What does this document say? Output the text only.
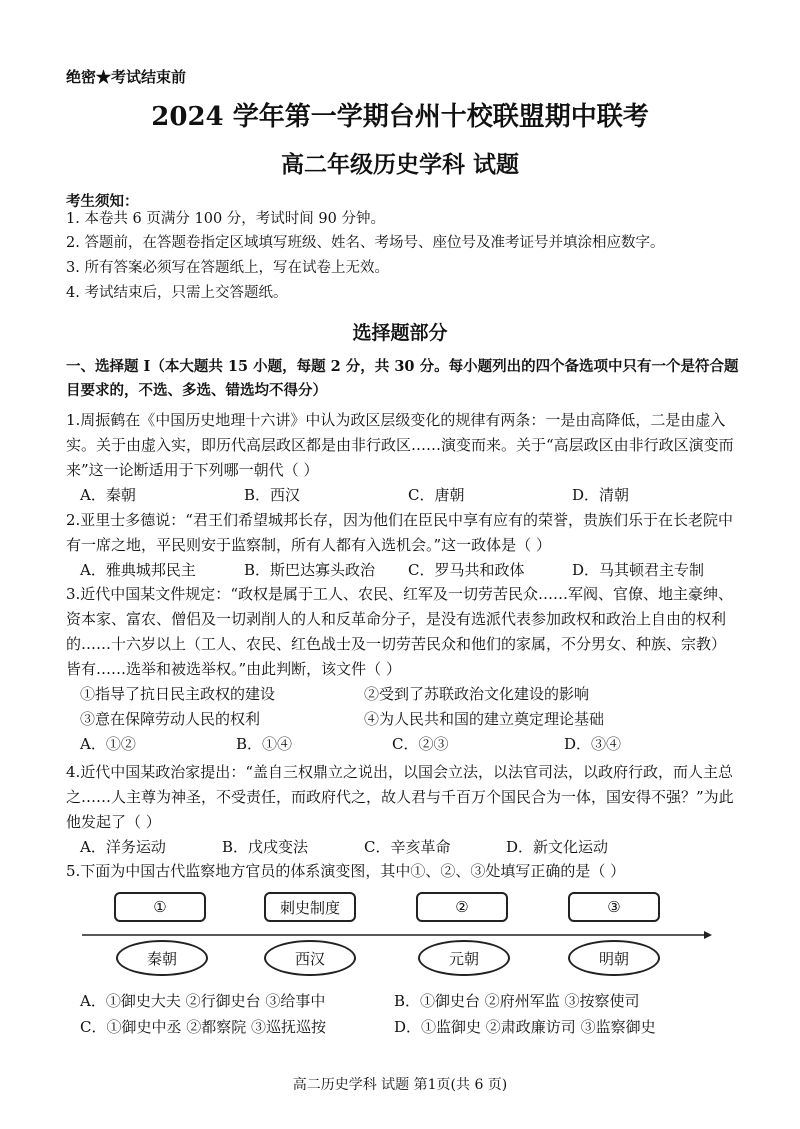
绝密★考试结束前
2024 学年第一学期台州十校联盟期中联考
高二年级历史学科 试题
考生须知：
1. 本卷共 6 页满分 100 分，考试时间 90 分钟。
2. 答题前，在答题卷指定区域填写班级、姓名、考场号、座位号及准考证号并填涂相应数字。
3. 所有答案必须写在答题纸上，写在试卷上无效。
4. 考试结束后，只需上交答题纸。
选择题部分
一、选择题 I（本大题共 15 小题，每题 2 分，共 30 分。每小题列出的四个备选项中只有一个是符合题目要求的，不选、多选、错选均不得分）
1.周振鹤在《中国历史地理十六讲》中认为政区层级变化的规律有两条：一是由高降低，二是由虚入实。关于由虚入实，即历代高层政区都是由非行政区……演变而来。关于“高层政区由非行政区演变而来”这一论断适用于下列哪一朝代（ ）
A．秦朝	B．西汉	C．唐朝	D．清朝
2.亚里士多德说：“君王们希望城邦长存，因为他们在臣民中享有应有的荣誉，贵族们乐于在长老院中有一席之地，平民则安于监察制，所有人都有入选机会。”这一政体是（ ）
A．雅典城邦民主	B．斯巴达寡头政治	C．罗马共和政体	D．马其顿君主专制
3.近代中国某文件规定：“政权是属于工人、农民、红军及一切劳苦民众……军阀、官僚、地主豪绅、资本家、富农、僧侣及一切剥削人的人和反革命分子，是没有选派代表参加政权和政治上自由的权利的……十六岁以上（工人、农民、红色战士及一切劳苦民众和他们的家属，不分男女、种族、宗教）皆有……选举和被选举权。”由此判断，该文件（ ）
①指导了抗日民主政权的建设	②受到了苏联政治文化建设的影响
③意在保障劳动人民的权利	④为人民共和国的建立奠定理论基础
A．①②	B．①④	C．②③	D．③④
4.近代中国某政治家提出：“盖自三权鼎立之说出，以国会立法，以法官司法，以政府行政，而人主总之……人主尊为神圣，不受责任，而政府代之，故人君与千百万个国民合为一体，国安得不强？”为此他发起了（ ）
A．洋务运动	B．戊戌变法	C．辛亥革命	D．新文化运动
5.下面为中国古代监察地方官员的体系演变图，其中①、②、③处填写正确的是（ ）
①	刺史制度	②	③
秦朝	西汉	元朝	明朝
A．①御史大夫 ②行御史台 ③给事中	B．①御史台 ②府州军监 ③按察使司
C．①御史中丞 ②都察院 ③巡抚巡按	D．①监御史 ②肃政廉访司 ③监察御史
高二历史学科 试题 第1页(共 6 页)
